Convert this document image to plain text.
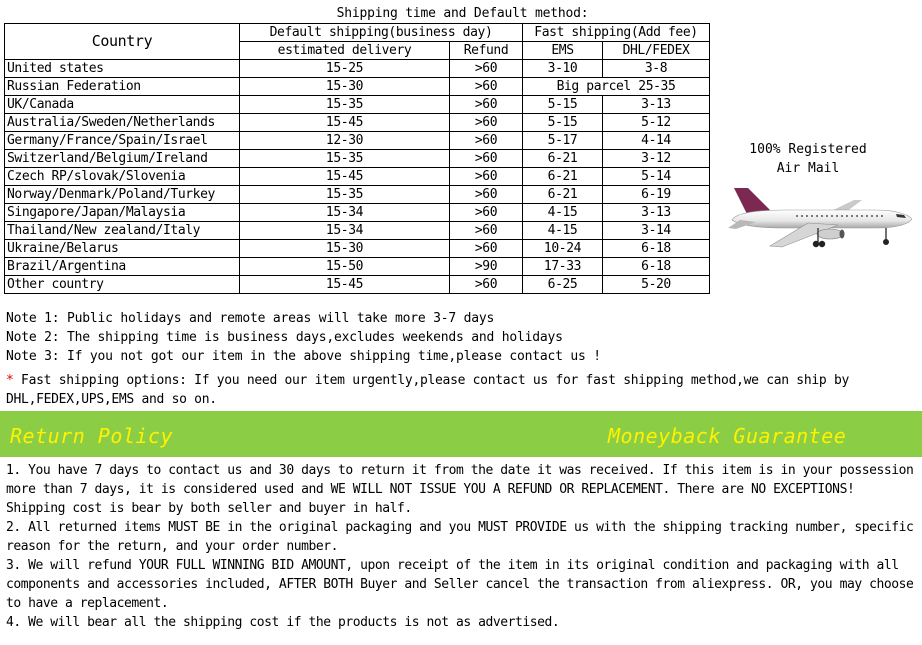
Shipping time and Default method:
Country	Default shipping(business day)		Fast shipping(Add fee)	
	estimated delivery	Refund	EMS	DHL/FEDEX
United states	15-25	>60	3-10	3-8
Russian Federation	15-30	>60	Big parcel 25-35	
UK/Canada	15-35	>60	5-15	3-13
Australia/Sweden/Netherlands	15-45	>60	5-15	5-12
Germany/France/Spain/Israel	12-30	>60	5-17	4-14
Switzerland/Belgium/Ireland	15-35	>60	6-21	3-12
Czech RP/slovak/Slovenia	15-45	>60	6-21	5-14
Norway/Denmark/Poland/Turkey	15-35	>60	6-21	6-19
Singapore/Japan/Malaysia	15-34	>60	4-15	3-13
Thailand/New zealand/Italy	15-34	>60	4-15	3-14
Ukraine/Belarus	15-30	>60	10-24	6-18
Brazil/Argentina	15-50	>90	17-33	6-18
Other country	15-45	>60	6-25	5-20
100% Registered
Air Mail
Note 1: Public holidays and remote areas will take more 3-7 days
Note 2: The shipping time is business days,excludes weekends and holidays
Note 3: If you not got our item in the above shipping time,please contact us !
* Fast shipping options: If you need our item urgently,please contact us for fast shipping method,we can ship by DHL,FEDEX,UPS,EMS and so on.
Return Policy	Moneyback Guarantee

1. You have 7 days to contact us and 30 days to return it from the date it was received. If this item is in your possession more than 7 days, it is considered used and WE WILL NOT ISSUE YOU A REFUND OR REPLACEMENT. There are NO EXCEPTIONS! Shipping cost is bear by both seller and buyer in half.

2. All returned items MUST BE in the original packaging and you MUST PROVIDE us with the shipping tracking number, specific reason for the return, and your order number.

3. We will refund YOUR FULL WINNING BID AMOUNT, upon receipt of the item in its original condition and packaging with all components and accessories included, AFTER BOTH Buyer and Seller cancel the transaction from aliexpress. OR, you may choose to have a replacement.

4. We will bear all the shipping cost if the products is not as advertised.
